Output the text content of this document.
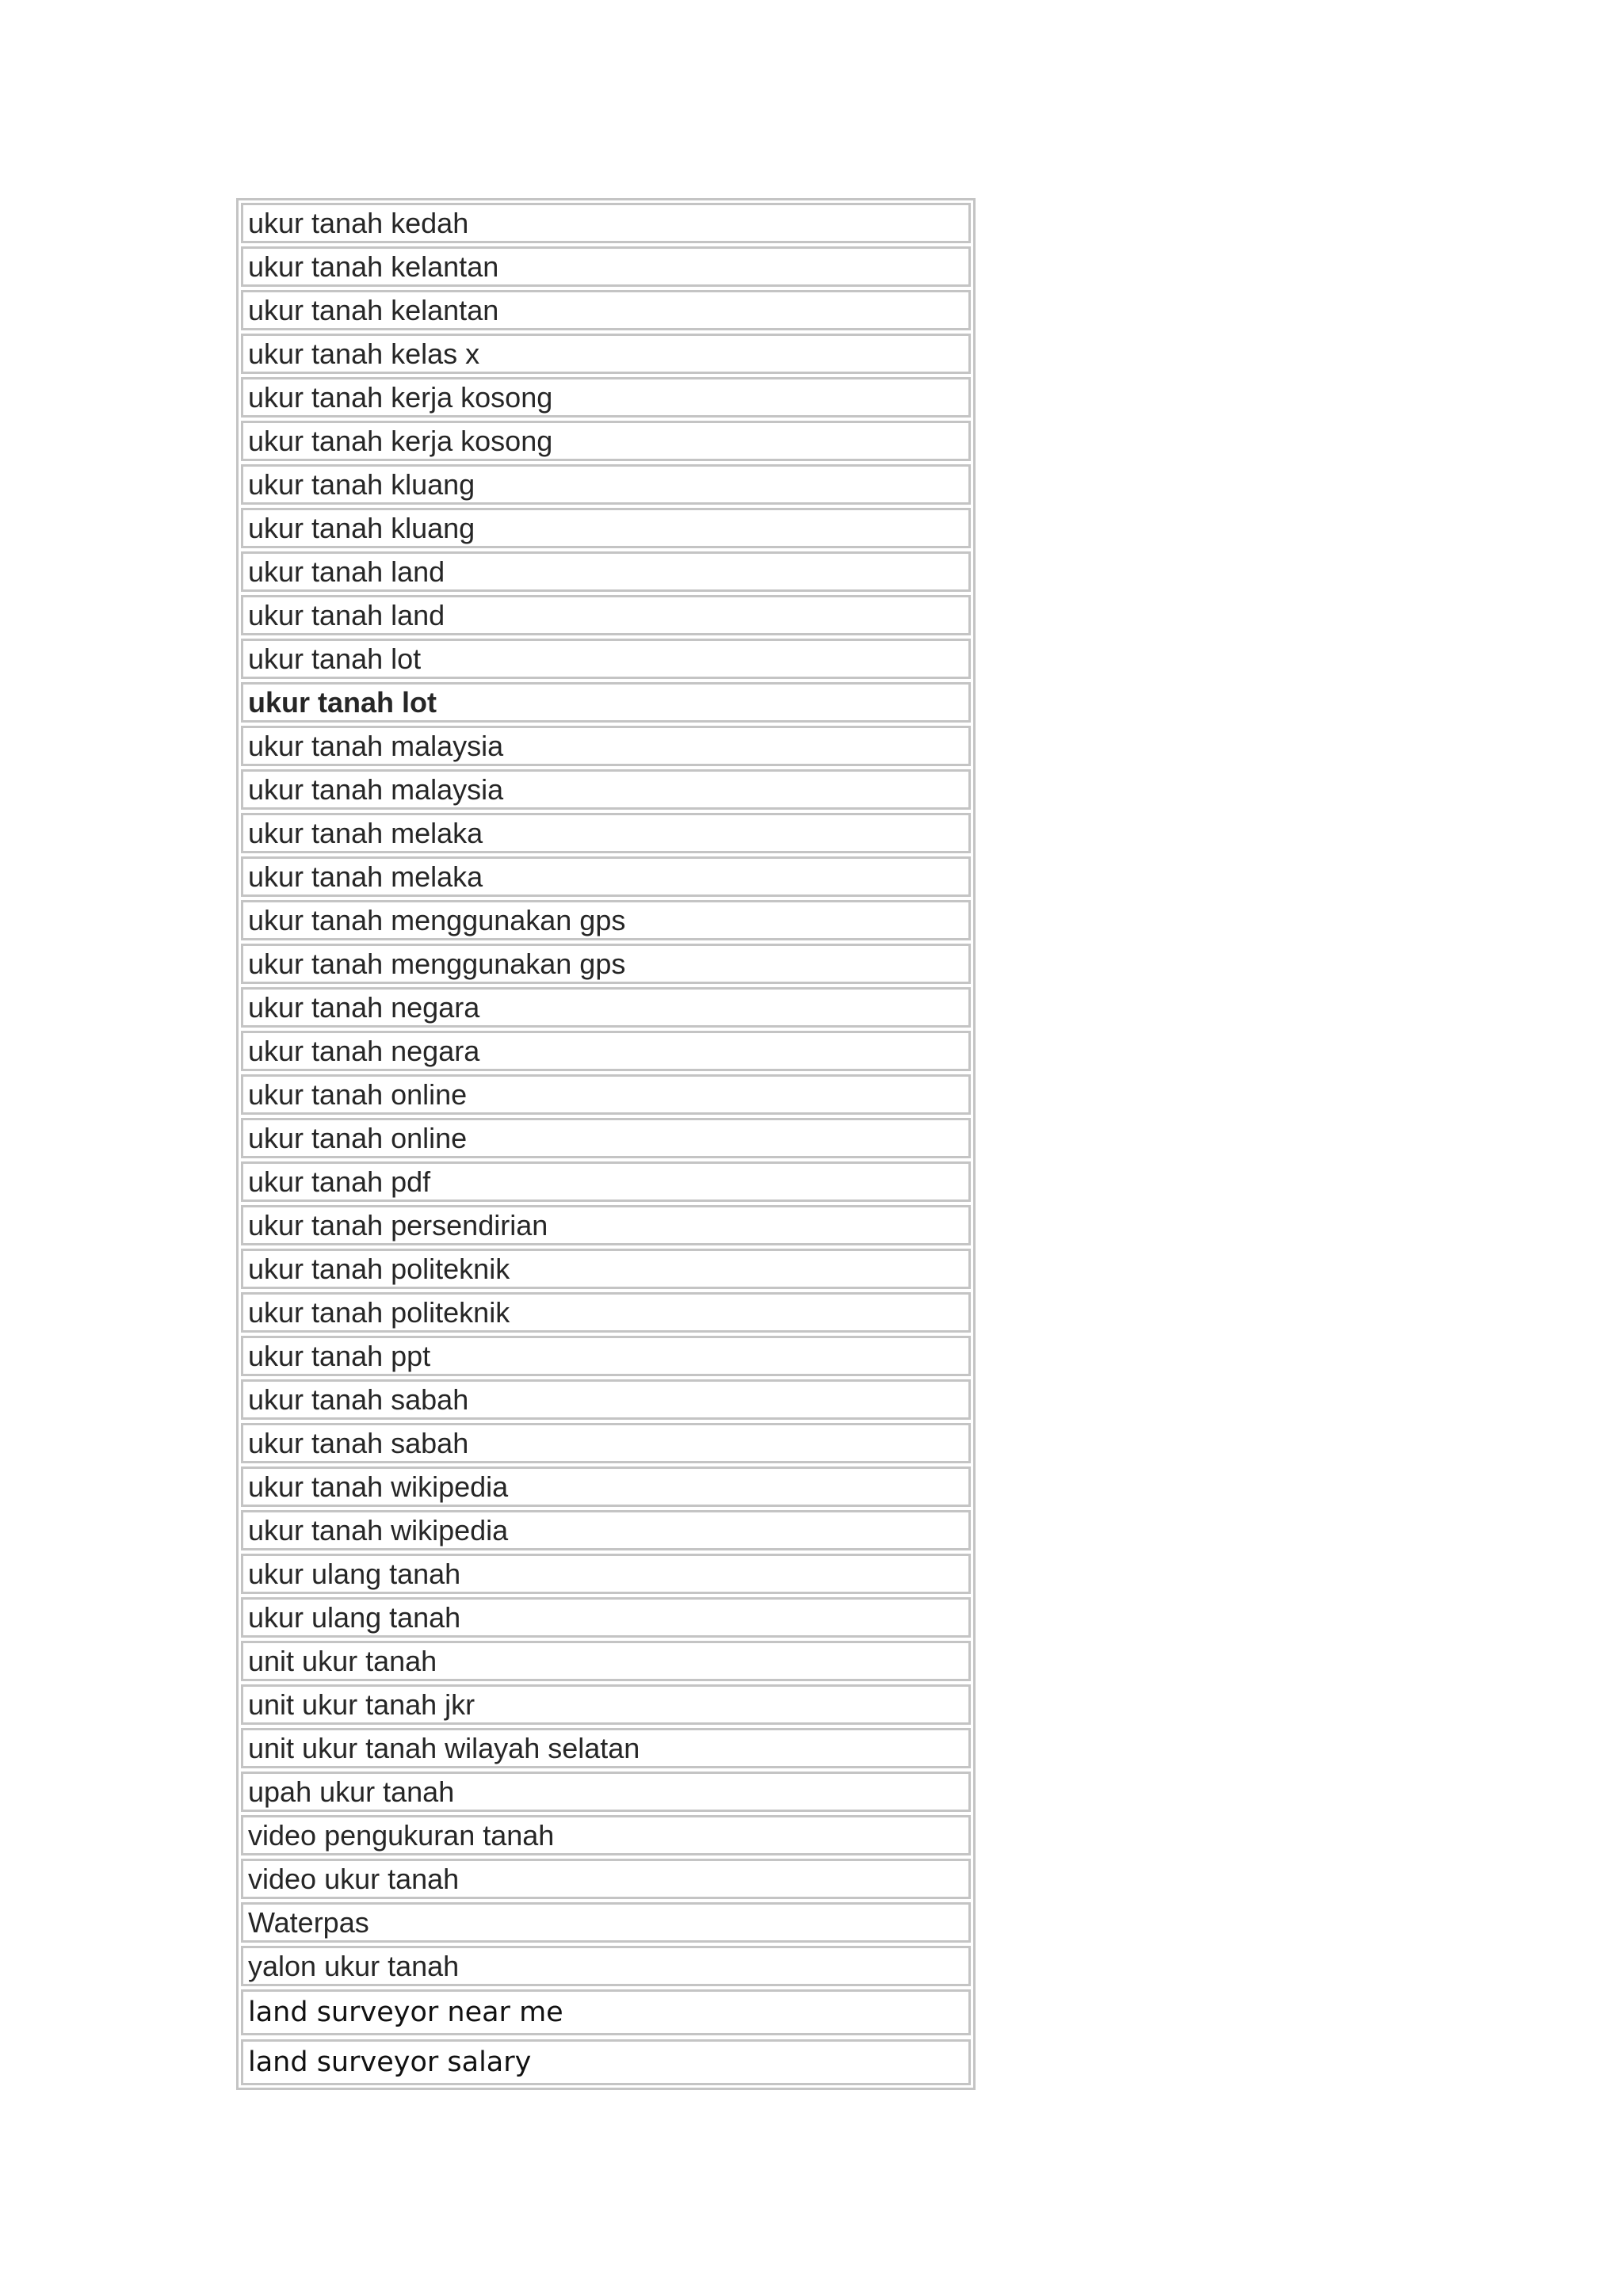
ukur tanah kedah
ukur tanah kelantan
ukur tanah kelantan
ukur tanah kelas x
ukur tanah kerja kosong
ukur tanah kerja kosong
ukur tanah kluang
ukur tanah kluang
ukur tanah land
ukur tanah land
ukur tanah lot
ukur tanah lot
ukur tanah malaysia
ukur tanah malaysia
ukur tanah melaka
ukur tanah melaka
ukur tanah menggunakan gps
ukur tanah menggunakan gps
ukur tanah negara
ukur tanah negara
ukur tanah online
ukur tanah online
ukur tanah pdf
ukur tanah persendirian
ukur tanah politeknik
ukur tanah politeknik
ukur tanah ppt
ukur tanah sabah
ukur tanah sabah
ukur tanah wikipedia
ukur tanah wikipedia
ukur ulang tanah
ukur ulang tanah
unit ukur tanah
unit ukur tanah jkr
unit ukur tanah wilayah selatan
upah ukur tanah
video pengukuran tanah
video ukur tanah
Waterpas
yalon ukur tanah
land surveyor near me
land surveyor salary
